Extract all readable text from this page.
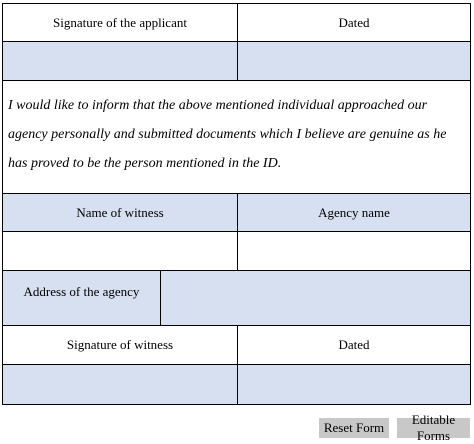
Signature of the applicant	Dated

I would like to inform that the above mentioned individual approached our agency personally and submitted documents which I believe are genuine as he has proved to be the person mentioned in the ID.

Name of witness	Agency name
Address of the agency
Signature of witness	Dated
Reset Form
Editable Forms
